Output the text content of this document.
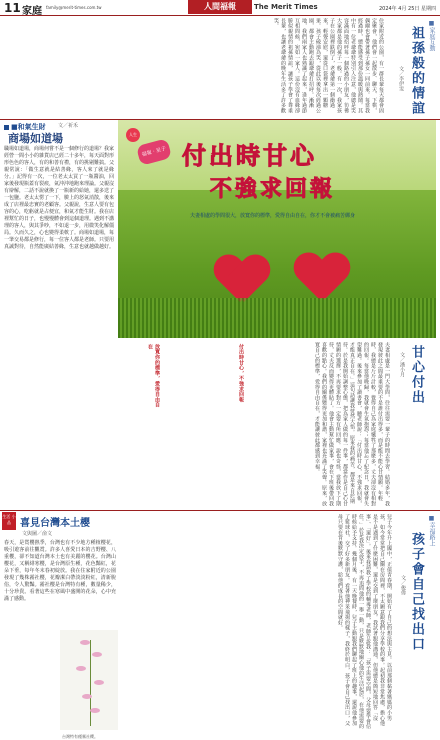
11 家庭 family@merit-times.com.tw	人間福報	The Merit Times	2024年 4月 25日 星期四
■家庭互動
祖孫般的情誼
文／李伊雯
住家附近的公園，有一群長輩每天都會固定聚會，他們會一起散步、聊天、下棋，偶爾也會帶著孫子孫女一同前來。每當我經過時，總能感受到那份溫暖與熱鬧。其中有一位老爺爺特別引人注意，他總是笑容滿面地招呼每一個路過的小朋友，彷彿大家都是他的孫子一般。有一次，我家孩子在公園裡跌倒了，老爺爺第一個衝過來，輕聲安慰，還從口袋裡拿出一顆糖果。孩子破涕為笑，從此以後每次經過公園，都會主動跑去跟爺爺打招呼。漸漸地，我們兩家人也熟識了起來，逢年過節互相問候，宛如一家人。這份沒有血緣卻勝似親情的祖孫情誼，讓孩子學會了尊重長輩，也讓老爺爺的晚年生活多了許多歡笑。
■和氣生財 文／祈禾
商場如道場
職場如道場，商場何嘗不是一個修行的道場？我家經營一間小小的雜貨店已經二十多年，每天面對形形色色的客人，有的和善有禮，有的挑剔難搞。父親常說：「做生意就是結善緣，客人來了就是緣分。」記得有一次，一位老太太買了一瓶醬油，回家後發現瓶蓋有裂痕，氣沖沖地跑來理論。父親沒有辯解，二話不說就換了一瓶新的給她，還多送了一包鹽。老太太愣了一下，臉上的怒氣消散，後來成了店裡最忠實的老顧客。父親說，生意人要有包容的心，吃虧就是占便宜，和氣才能生財。我在店裡幫忙的日子，也慢慢體會到這個道理。遇到不講理的客人，與其爭吵，不如退一步，用微笑化解僵局。久而久之，心也變得柔軟了。商場如道場，每一筆交易都是修行，每一位客人都是老師。只要用真誠對待，自然能廣結善緣，生意也就越做越好。
人生
福報 ‧ 星子 付出時甘心
不強求回報
夫妻相處的學問很大，放寬你的標準，愛得自由自在，你才不會被痛苦綁身
甘心付出
文／潘小月
夫妻相處是一門大學問，往往需要一輩子的時間去學習。結婚多年，我發現彼此之間最重要的不是誰付出得多，而是能不能心甘情願。年輕時，我總是斤斤計較，覺得自己為家庭犧牲了那麼多，丈夫卻沒有相對的回報。每當他晚歸，我就會生氣抱怨；每當他忘了紀念日，我就會失望難過。後來參加了讀書會，聽老師說：「付出時甘心，不強求回報，才能真正自在。」這句話讓我恍然大悟。原來我的痛苦，都是來自於期待。於是我開始調整心態，把為家人做的每一件事，都當作是自己心甘情願的選擇，不再要求對方一定要有所回應。說也奇怪，當我放下了期待，丈夫反而變得更體貼了。他會主動幫忙做家事，會在下班後帶回我喜歡的點心。我們的關係變得更加和諧，家裡也充滿了笑聲。原來，放寬自己的標準，愛得自由自在，才能讓彼此都感到幸福。
付出時甘心，不強求回報
放寬你的標準，愛得自由自在
生活 小品 喜見台灣本土櫻
文與圖／俞文
春天，是賞櫻熱季，台灣也有不少地方種植櫻花，吸引遊客前往觀賞。許多人喜愛日本的吉野櫻、八重櫻，卻不知道台灣本土也有美麗的櫻花。台灣山櫻花，又稱緋寒櫻，是台灣原生種，花色豔紅，花朵下垂，每年冬末春初綻放。我在住家附近的公園發現了幾株霧社櫻，花瓣潔白帶淡淡粉紅，清新脫俗，令人驚豔。霧社櫻是台灣特有種，數量稀少，十分珍貴。看著這些在寒風中盛開的花朵，心中充滿了感動。
台灣特有種霧社櫻。
■幸福路上
孩子會自己找出口
文／俊偉
兒子今年升上國中，正值青春期，開始有了自己的想法與主見。以前那個黏著媽媽的小男孩，如今常常把自己關在房間裡，不太願意跟我們分享學校的事。起初我非常焦慮，擔心他是不是遇到了什麼困難，還是交到了壞朋友。我試著跟他溝通，但他總是簡短地回答「沒事」、「還好」。後來我請教了學校的輔導老師，老師告訴我：「孩子需要空間，父母要學會信任。」於是我決定放手，不再追問他的一舉一動，只是默默地關心他的生活起居，在他需要的時候給予支持。幾個月後，有一天晚餐時，兒子主動跟我們聊起了班上的趣事，還說他參加了籃球社，交了好多新朋友。看著他神采飛揚的樣子，我終於明白，孩子會自己找出口，父母只要在背後默默守護，給他們成長的空間就好。
